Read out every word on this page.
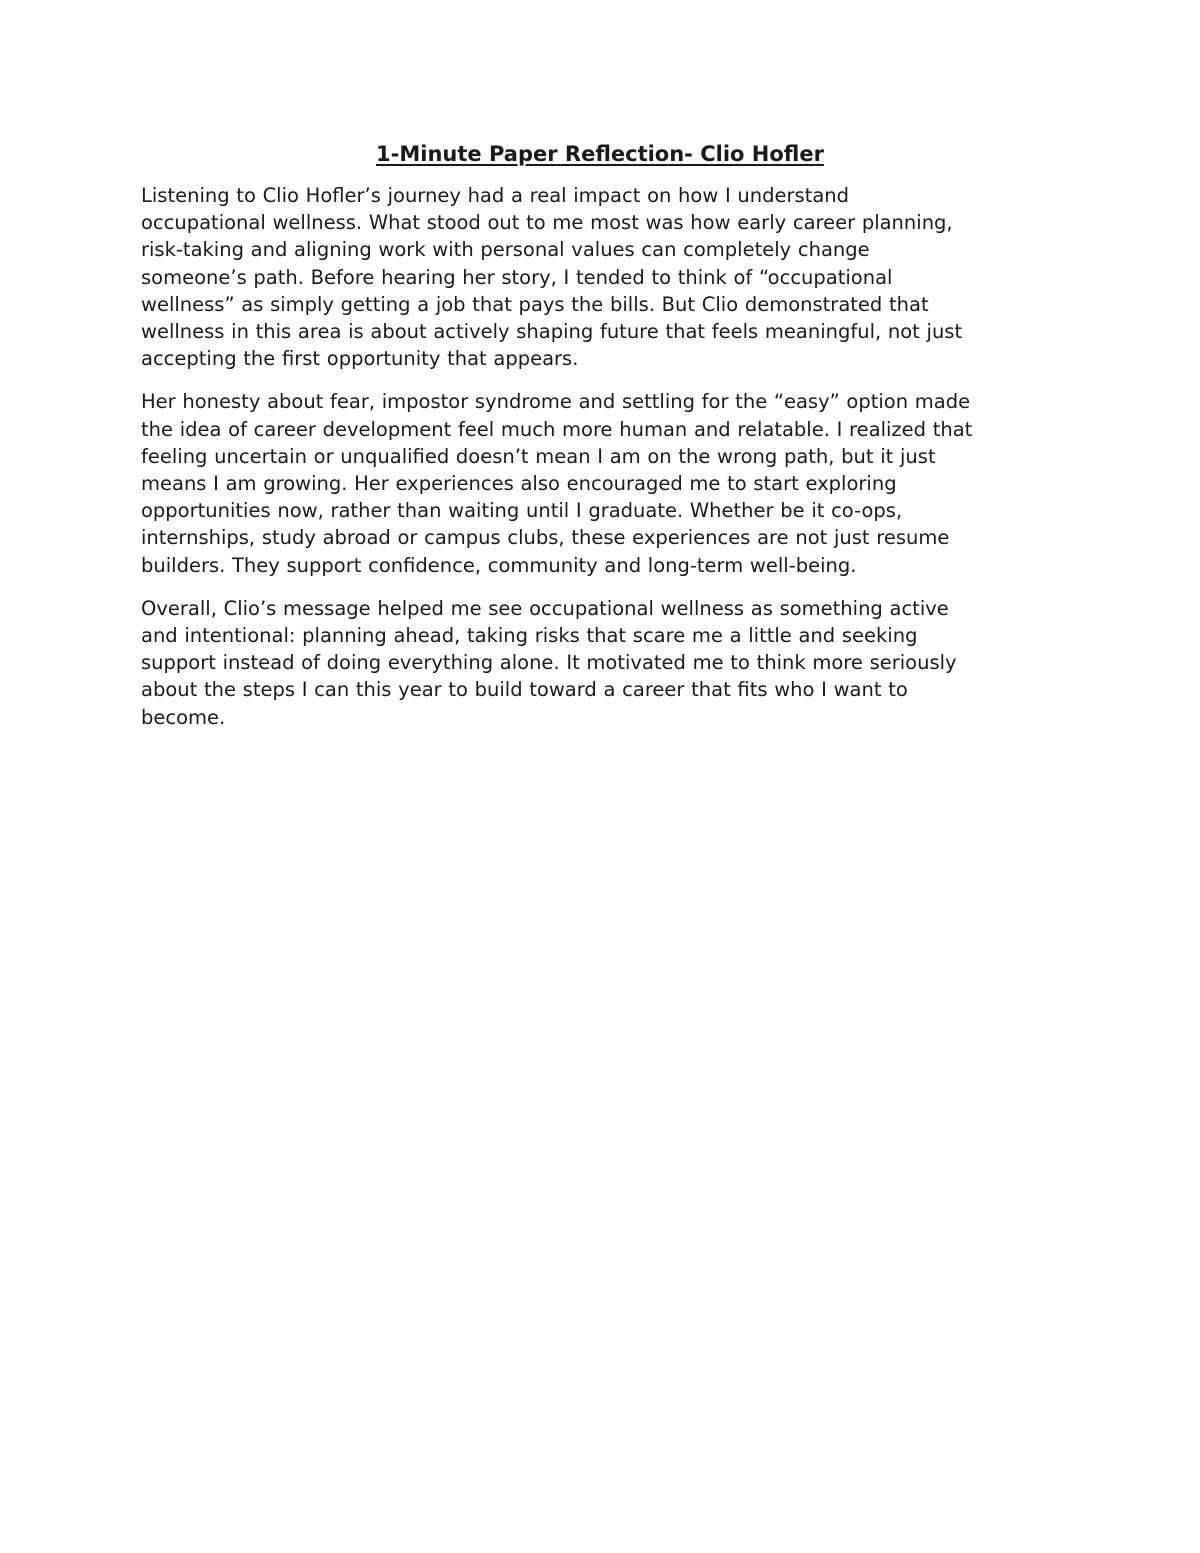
1-Minute Paper Reflection- Clio Hofler

Listening to Clio Hofler’s journey had a real impact on how I understand
occupational wellness. What stood out to me most was how early career planning,
risk-taking and aligning work with personal values can completely change
someone’s path. Before hearing her story, I tended to think of “occupational
wellness” as simply getting a job that pays the bills. But Clio demonstrated that
wellness in this area is about actively shaping future that feels meaningful, not just
accepting the first opportunity that appears.

Her honesty about fear, impostor syndrome and settling for the “easy” option made
the idea of career development feel much more human and relatable. I realized that
feeling uncertain or unqualified doesn’t mean I am on the wrong path, but it just
means I am growing. Her experiences also encouraged me to start exploring
opportunities now, rather than waiting until I graduate. Whether be it co-ops,
internships, study abroad or campus clubs, these experiences are not just resume
builders. They support confidence, community and long-term well-being.

Overall, Clio’s message helped me see occupational wellness as something active
and intentional: planning ahead, taking risks that scare me a little and seeking
support instead of doing everything alone. It motivated me to think more seriously
about the steps I can this year to build toward a career that fits who I want to
become.
